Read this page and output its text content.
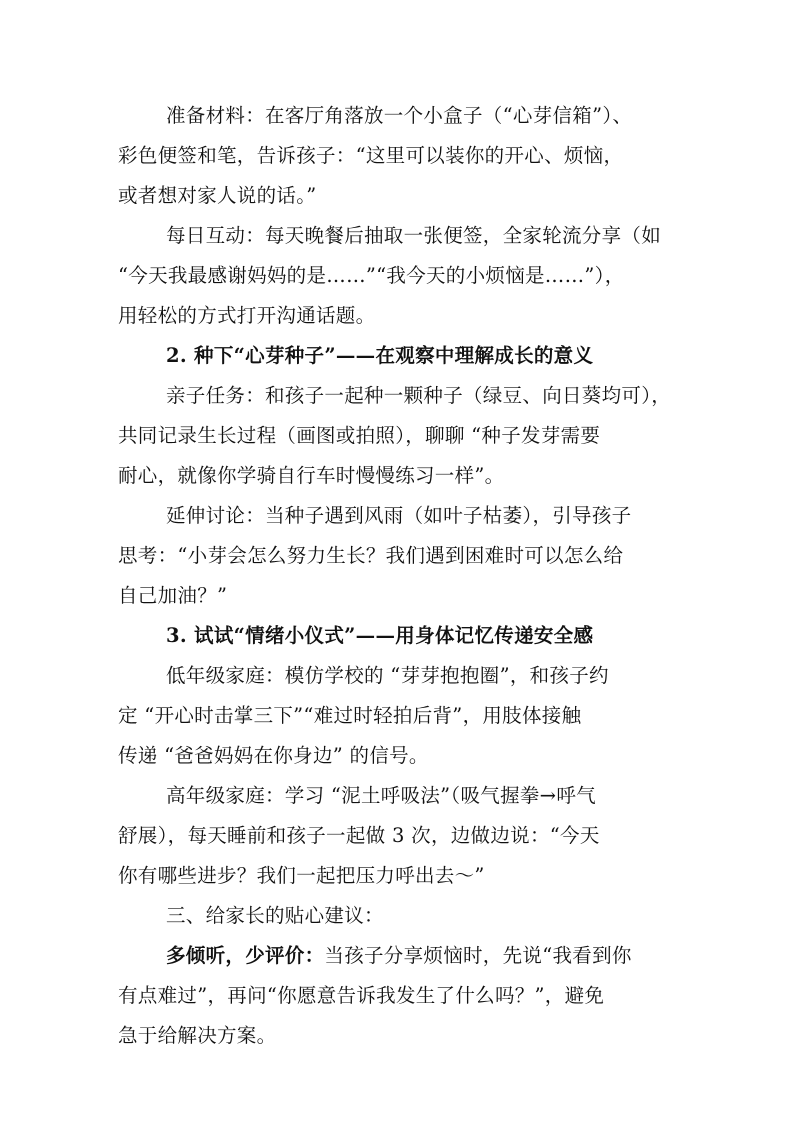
准备材料：在客厅角落放一个小盒子（“心芽信箱”）、
彩色便签和笔，告诉孩子：“这里可以装你的开心、烦恼，
或者想对家人说的话。”
每日互动：每天晚餐后抽取一张便签，全家轮流分享（如
“今天我最感谢妈妈的是……”“我今天的小烦恼是……”），
用轻松的方式打开沟通话题。
2. 种下“心芽种子”——在观察中理解成长的意义
亲子任务：和孩子一起种一颗种子（绿豆、向日葵均可），
共同记录生长过程（画图或拍照），聊聊 “种子发芽需要
耐心，就像你学骑自行车时慢慢练习一样”。
延伸讨论：当种子遇到风雨（如叶子枯萎），引导孩子
思考：“小芽会怎么努力生长？我们遇到困难时可以怎么给
自己加油？”
3. 试试“情绪小仪式”——用身体记忆传递安全感
低年级家庭：模仿学校的 “芽芽抱抱圈”，和孩子约
定 “开心时击掌三下”“难过时轻拍后背”，用肢体接触
传递 “爸爸妈妈在你身边” 的信号。
高年级家庭：学习 “泥土呼吸法”（吸气握拳→呼气
舒展），每天睡前和孩子一起做 3 次，边做边说：“今天
你有哪些进步？我们一起把压力呼出去～”
三、给家长的贴心建议：
多倾听，少评价：当孩子分享烦恼时，先说“我看到你
有点难过”，再问“你愿意告诉我发生了什么吗？”，避免
急于给解决方案。
